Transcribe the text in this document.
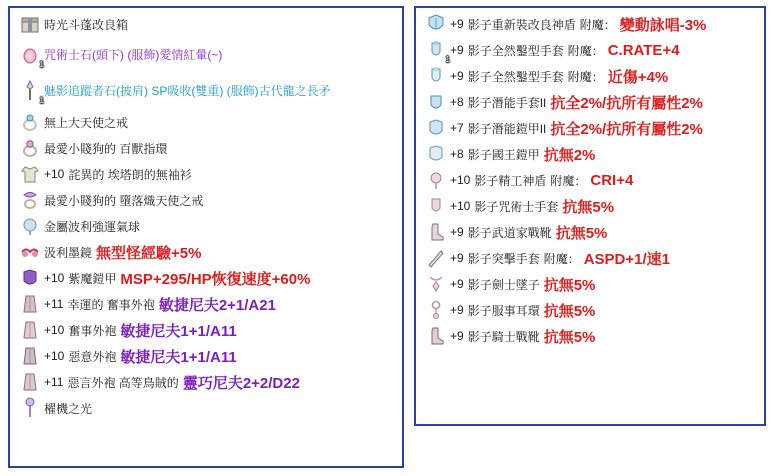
時光斗蓬改良箱
1
咒術士石(頭下) (服飾)愛情紅暈(~)
1
魅影追蹤者石(披肩) SP吸收(雙重) (服飾)古代龍之長矛
無上大天使之戒
最愛小賤狗的 百獸指環
+10 詫異的 埃塔朗的無袖衫
最愛小賤狗的 墮落熾天使之戒
金屬波利強運氣球
汲利墨鏡 無型怪經驗+5%
+10 紫魔鎧甲 MSP+295/HP恢復速度+60%
+11 幸運的 奮事外袍 敏捷尼夫2+1/A21
+10 奮事外袍 敏捷尼夫1+1/A11
+10 惡意外袍 敏捷尼夫1+1/A11
+11 惡言外袍 高等鳥賊的 靈巧尼夫2+2/D22
櫂機之光
+9 影子重新裝改良神盾 附魔： 變動詠唱-3%
1
+9 影子全然鑿型手套 附魔： C.RATE+4
+9 影子全然鑿型手套 附魔： 近傷+4%
+8 影子潛能手套II 抗全2%/抗所有屬性2%
+7 影子潛能鎧甲II 抗全2%/抗所有屬性2%
+8 影子國王鎧甲 抗無2%
+10 影子精工神盾 附魔： CRI+4
+10 影子咒術士手套 抗無5%
+9 影子武道家戰靴 抗無5%
+9 影子突擊手套 附魔： ASPD+1/速1
+9 影子劍士墜子 抗無5%
+9 影子服事耳環 抗無5%
+9 影子騎士戰靴 抗無5%
